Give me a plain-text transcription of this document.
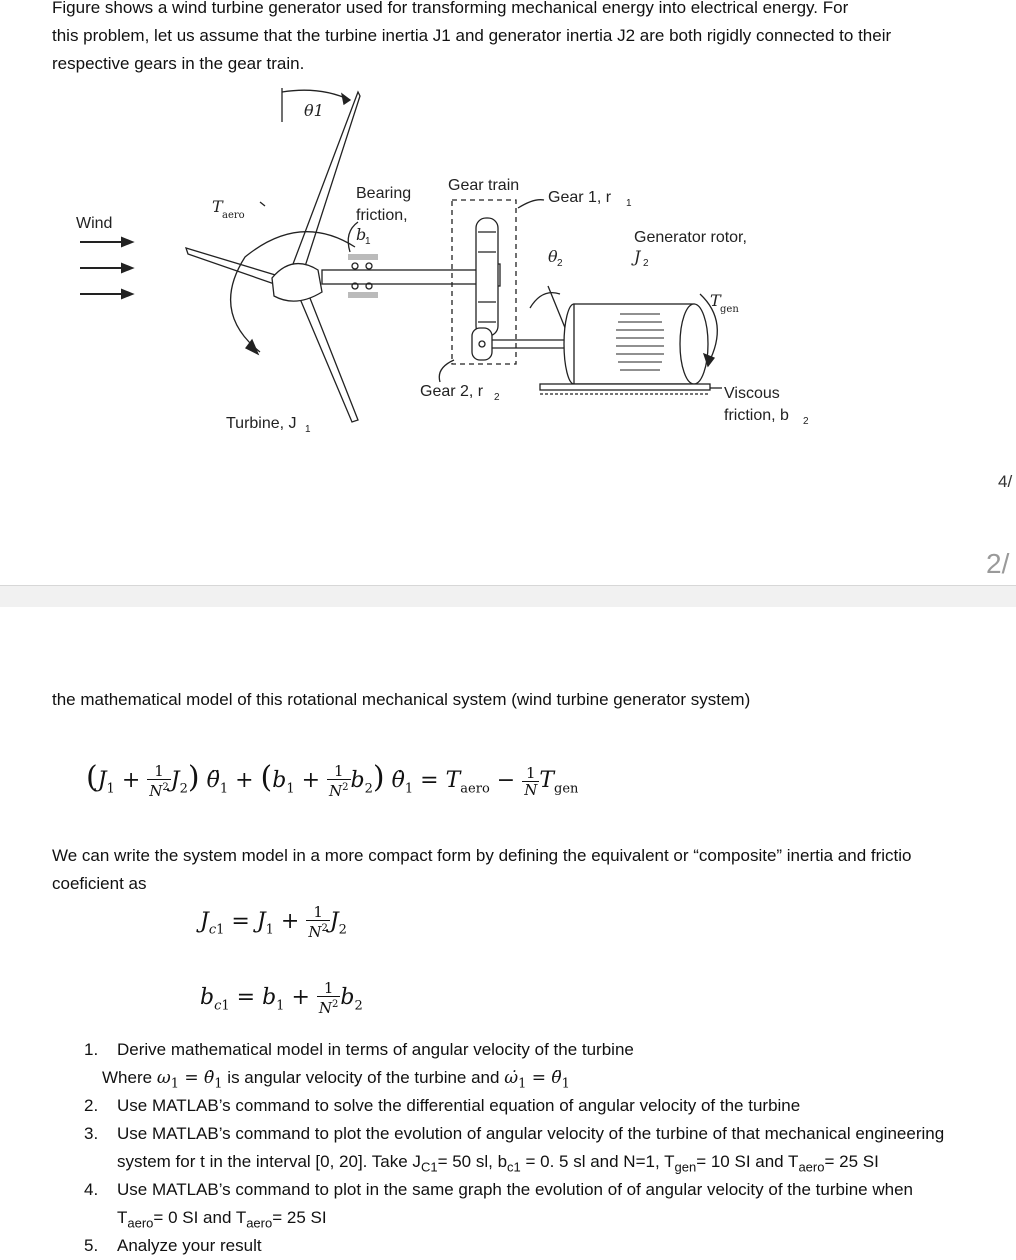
Figure shows a wind turbine generator used for transforming mechanical energy into electrical energy. For
this problem, let us assume that the turbine inertia J1 and generator inertia J2 are both rigidly connected to their
respective gears in the gear train.
θ1
Wind
T aero
Bearing
friction,
b
1
Gear train
Gear 1, r 1
θ 2
Generator rotor,
J 2
T gen
Gear 2, r 2	Viscous
friction, b 2
Turbine, J 1
4/
2/
the mathematical model of this rotational mechanical system (wind turbine generator system)
$(J_1 + \frac{1}{N^2} J_2)$ $\thetä_1 + (b_1 + \frac{1}{N^2} b_2)$ $\thetȧ_1 = T_{aero} - \frac{1}{N} T_{gen}$
We can write the system model in a more compact form by defining the equivalent or “composite” inertia and frictio
coeficient as
$J_{c1} = J_1 + \frac{1}{N^2} J_2$
$b_{c1} = b_1 + \frac{1}{N^2} b_2$
1. Derive mathematical model in terms of angular velocity of the turbine
Where $\omega_1$ = $\thetȧ_1$ is angular velocity of the turbine and $\omegȧ_1$ = $\thetä_1$
2. Use MATLAB’s command to solve the differential equation of angular velocity of the turbine
3. Use MATLAB’s command to plot the evolution of angular velocity of the turbine of that mechanical engineering
system for t in the interval [0, 20]. Take $J_{C1}= 50$ sl, $b_{c1} = 0$. 5 sl and N=1, $T_{gen}= 10$ SI and $T_{aero}= 25$ SI
4. Use MATLAB’s command to plot in the same graph the evolution of of angular velocity of the turbine when
$T_{aero}= 0$ SI and $T_{aero}= 25$ SI
5. Analyze your result
